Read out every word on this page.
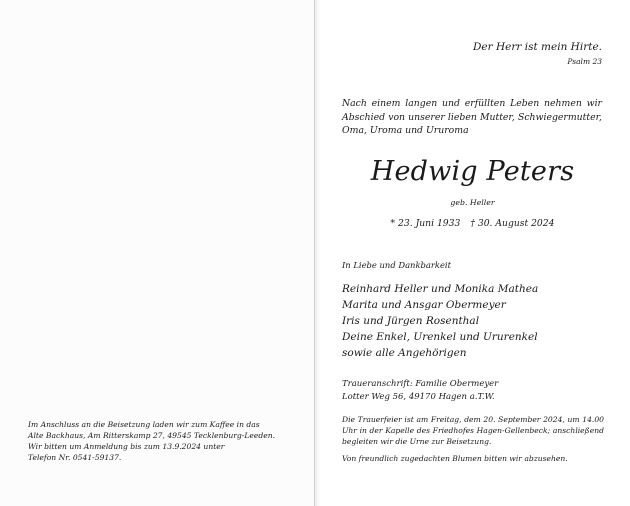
Im Anschluss an die Beisetzung laden wir zum Kaffee in das
Alte Backhaus, Am Ritterskamp 27, 49545 Tecklenburg-Leeden.
Wir bitten um Anmeldung bis zum 13.9.2024 unter
Telefon Nr. 0541-59137.
Der Herr ist mein Hirte.
Psalm 23
Nach einem langen und erfüllten Leben nehmen wir Abschied von unserer lieben Mutter, Schwiegermutter, Oma, Uroma und Ururoma
Hedwig Peters
geb. Heller
* 23. Juni 1933 † 30. August 2024
In Liebe und Dankbarkeit
Reinhard Heller und Monika Mathea
Marita und Ansgar Obermeyer
Iris und Jürgen Rosenthal
Deine Enkel, Urenkel und Ururenkel
sowie alle Angehörigen
Traueranschrift: Familie Obermeyer
Lotter Weg 56, 49170 Hagen a.T.W.
Die Trauerfeier ist am Freitag, dem 20. September 2024, um 14.00 Uhr in der Kapelle des Friedhofes Hagen-Gellenbeck; anschließend begleiten wir die Urne zur Beisetzung.
Von freundlich zugedachten Blumen bitten wir abzusehen.
